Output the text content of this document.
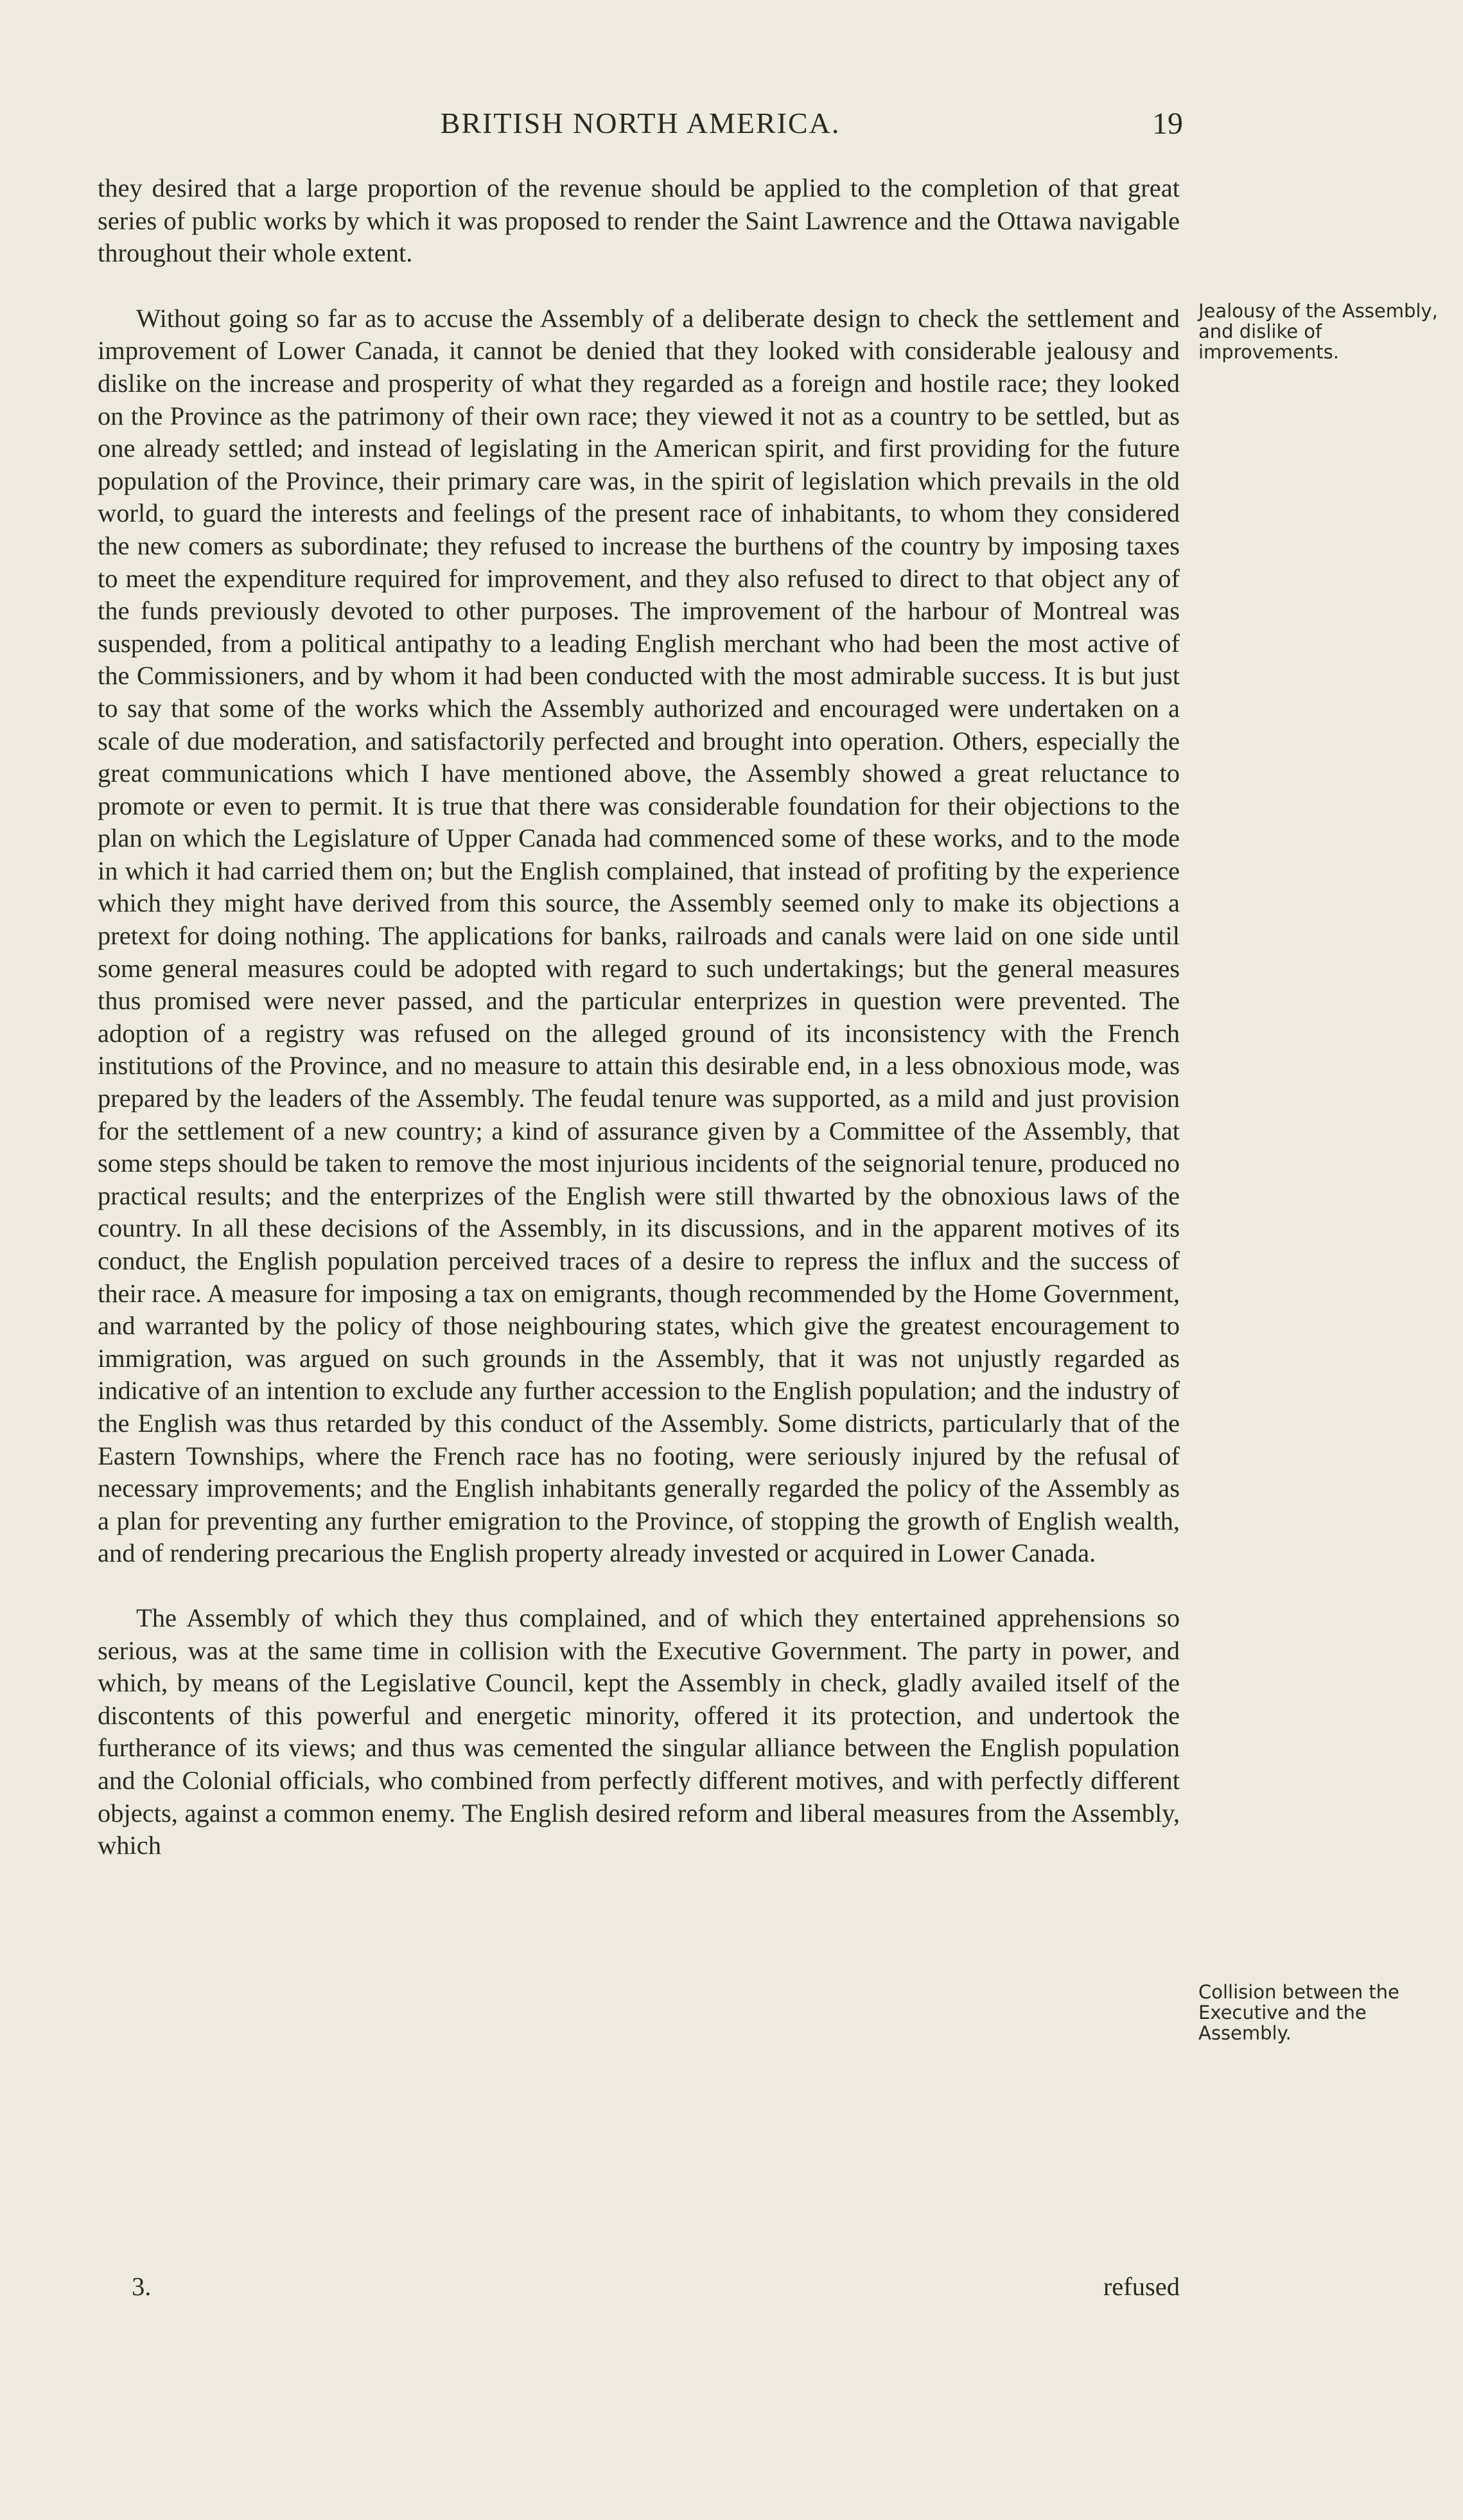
BRITISH NORTH AMERICA.	19

they desired that a large proportion of the revenue should be applied to the completion of that great series of public works by which it was proposed to render the Saint Lawrence and the Ottawa navigable throughout their whole extent.

Without going so far as to accuse the Assembly of a deliberate design to check the settlement and improvement of Lower Canada, it cannot be denied that they looked with considerable jealousy and dislike on the increase and prosperity of what they regarded as a foreign and hostile race; they looked on the Province as the patrimony of their own race; they viewed it not as a country to be settled, but as one already settled; and instead of legislating in the American spirit, and first providing for the future population of the Province, their primary care was, in the spirit of legislation which prevails in the old world, to guard the interests and feelings of the present race of inhabitants, to whom they considered the new comers as subordinate; they refused to increase the burthens of the country by imposing taxes to meet the expenditure required for improvement, and they also refused to direct to that object any of the funds previously devoted to other purposes. The improvement of the harbour of Montreal was suspended, from a political antipathy to a leading English merchant who had been the most active of the Commissioners, and by whom it had been conducted with the most admirable success. It is but just to say that some of the works which the Assembly authorized and encouraged were undertaken on a scale of due moderation, and satisfactorily perfected and brought into operation. Others, especially the great communications which I have mentioned above, the Assembly showed a great reluctance to promote or even to permit. It is true that there was considerable foundation for their objections to the plan on which the Legislature of Upper Canada had commenced some of these works, and to the mode in which it had carried them on; but the English complained, that instead of profiting by the experience which they might have derived from this source, the Assembly seemed only to make its objections a pretext for doing nothing. The applications for banks, railroads and canals were laid on one side until some general measures could be adopted with regard to such undertakings; but the general measures thus promised were never passed, and the particular enterprizes in question were prevented. The adoption of a registry was refused on the alleged ground of its inconsistency with the French institutions of the Province, and no measure to attain this desirable end, in a less obnoxious mode, was prepared by the leaders of the Assembly. The feudal tenure was supported, as a mild and just provision for the settlement of a new country; a kind of assurance given by a Committee of the Assembly, that some steps should be taken to remove the most injurious incidents of the seignorial tenure, produced no practical results; and the enterprizes of the English were still thwarted by the obnoxious laws of the country. In all these decisions of the Assembly, in its discussions, and in the apparent motives of its conduct, the English population perceived traces of a desire to repress the influx and the success of their race. A measure for imposing a tax on emigrants, though recommended by the Home Government, and warranted by the policy of those neighbouring states, which give the greatest encouragement to immigration, was argued on such grounds in the Assembly, that it was not unjustly regarded as indicative of an intention to exclude any further accession to the English population; and the industry of the English was thus retarded by this conduct of the Assembly. Some districts, particularly that of the Eastern Townships, where the French race has no footing, were seriously injured by the refusal of necessary improvements; and the English inhabitants generally regarded the policy of the Assembly as a plan for preventing any further emigration to the Province, of stopping the growth of English wealth, and of rendering precarious the English property already invested or acquired in Lower Canada.

The Assembly of which they thus complained, and of which they entertained apprehensions so serious, was at the same time in collision with the Executive Government. The party in power, and which, by means of the Legislative Council, kept the Assembly in check, gladly availed itself of the discontents of this powerful and energetic minority, offered it its protection, and undertook the furtherance of its views; and thus was cemented the singular alliance between the English population and the Colonial officials, who combined from perfectly different motives, and with perfectly different objects, against a common enemy. The English desired reform and liberal measures from the Assembly, which

Jealousy of the Assembly, and dislike of improvements.
Collision between the Executive and the Assembly.
3.	refused
